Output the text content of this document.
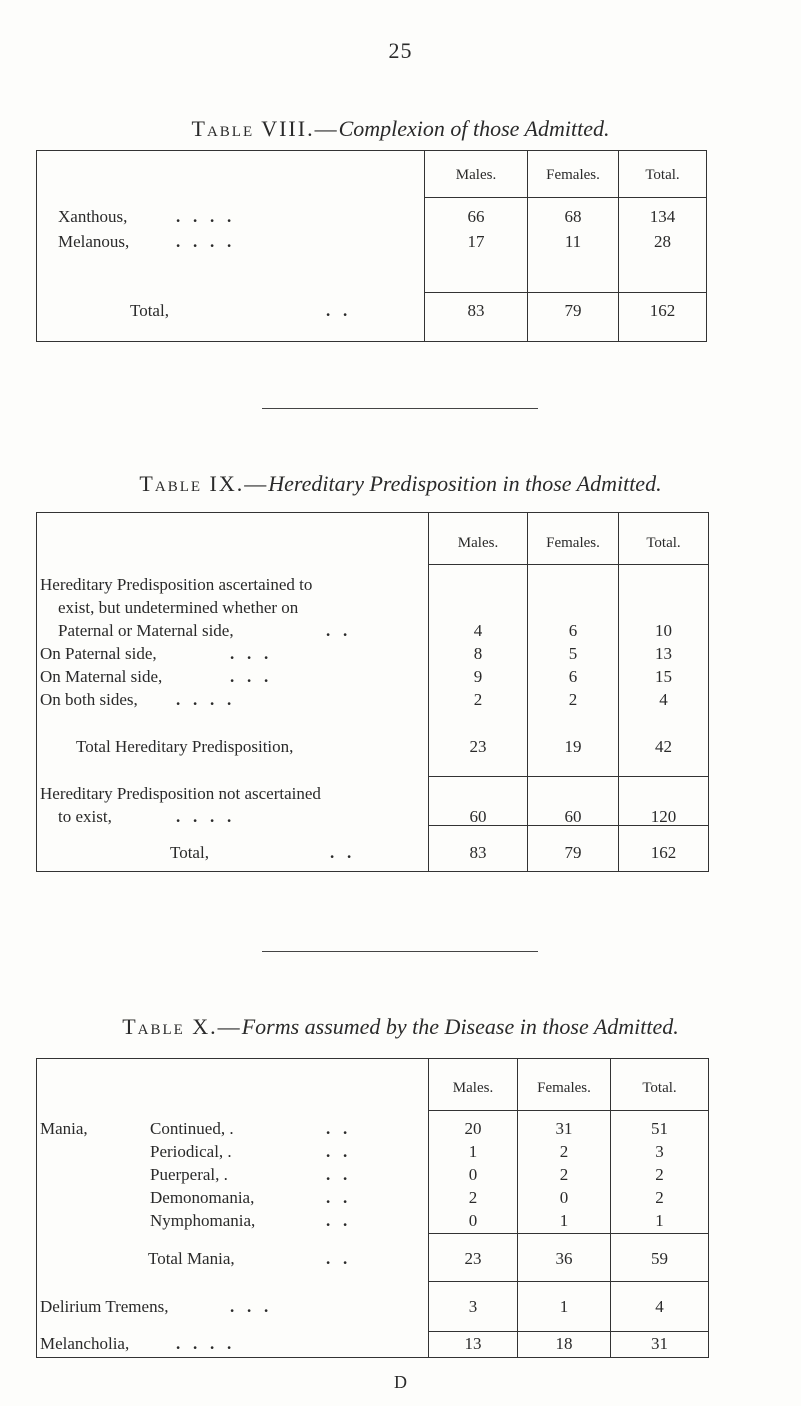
25
Table VIII.—Complexion of those Admitted.
Males.	Females.	Total.
Xanthous,	.   .   .   .	66	68	134
Melanous,	.   .   .   .	17	11	28
Total,	.   .	83	79	162
Table IX.—Hereditary Predisposition in those Admitted.
Males.	Females.	Total.
Hereditary Predisposition ascertained to
exist, but undetermined whether on
Paternal or Maternal side,	.   .	4	6	10
On Paternal side,	.   .   .	8	5	13
On Maternal side,	.   .   .	9	6	15
On both sides, .   .   .   .	2	2	4
Total Hereditary Predisposition,	23	19	42
Hereditary Predisposition not ascertained
to exist,	.   .   .   .	60	60	120
Total,	.   .	83	79	162
Table X.—Forms assumed by the Disease in those Admitted.
Males.	Females.	Total.
Mania,	Continued, .	.   .	20	31	51
Periodical, .	.   .	1	2	3
Puerperal, .	.   .	0	2	2
Demonomania,	.   .	2	0	2
Nymphomania,	.   .	0	1	1
Total Mania,	.   .	23	36	59
Delirium Tremens,	.   .   .	3	1	4
Melancholia,	.   .   .   .	13	18	31
D
